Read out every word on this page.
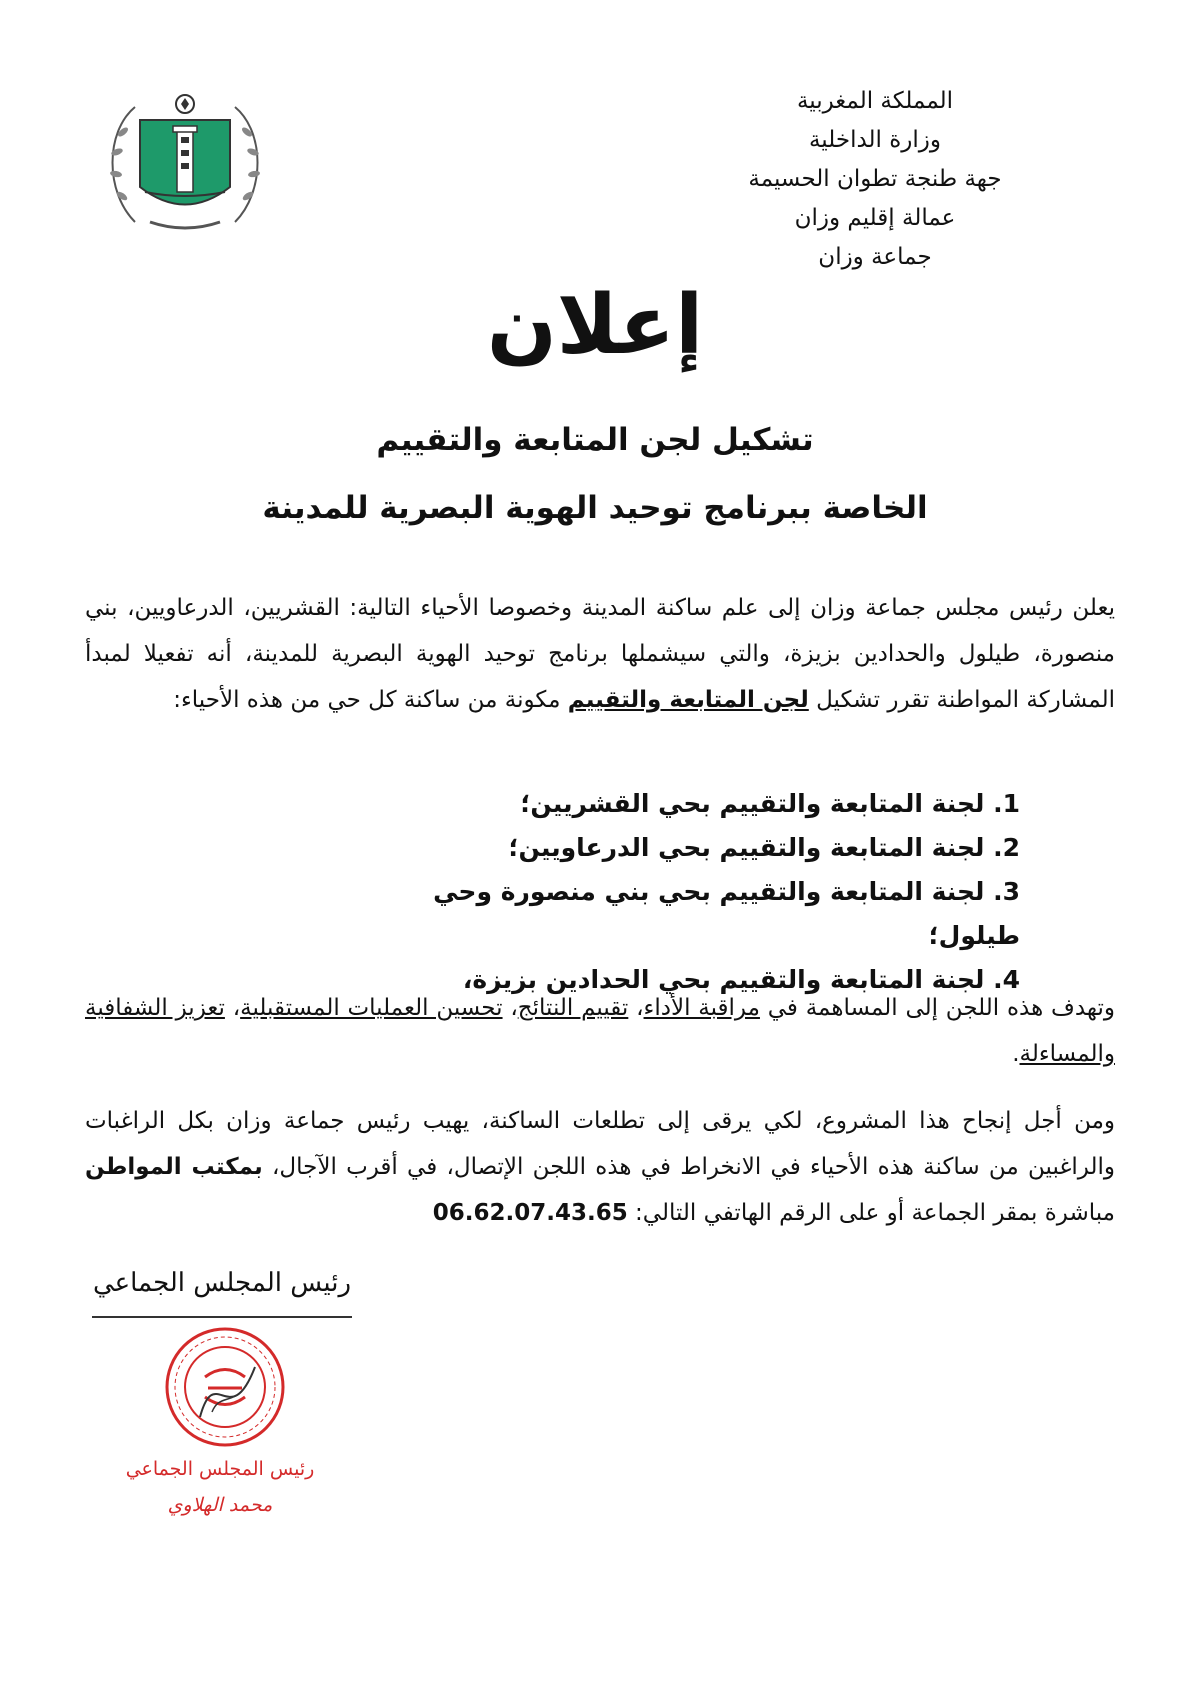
المملكة المغربية
وزارة الداخلية
جهة طنجة تطوان الحسيمة
عمالة إقليم وزان
جماعة وزان
إعلان
تشكيل لجن المتابعة والتقييم
الخاصة ببرنامج توحيد الهوية البصرية للمدينة

يعلن رئيس مجلس جماعة وزان إلى علم ساكنة المدينة وخصوصا الأحياء التالية: القشريين، الدرعاويين، بني منصورة، طيلول والحدادين بزيزة، والتي سيشملها برنامج توحيد الهوية البصرية للمدينة، أنه تفعيلا لمبدأ المشاركة المواطنة تقرر تشكيل لجن المتابعة والتقييم مكونة من ساكنة كل حي من هذه الأحياء:

1. لجنة المتابعة والتقييم بحي القشريين؛
2. لجنة المتابعة والتقييم بحي الدرعاويين؛
3. لجنة المتابعة والتقييم بحي بني منصورة وحي طيلول؛
4. لجنة المتابعة والتقييم بحي الحدادين بزيزة،

وتهدف هذه اللجن إلى المساهمة في مراقبة الأداء، تقييم النتائج، تحسين العمليات المستقبلية، تعزيز الشفافية والمساءلة.

ومن أجل إنجاح هذا المشروع، لكي يرقى إلى تطلعات الساكنة، يهيب رئيس جماعة وزان بكل الراغبات والراغبين من ساكنة هذه الأحياء في الانخراط في هذه اللجن الإتصال، في أقرب الآجال، بمكتب المواطن مباشرة بمقر الجماعة أو على الرقم الهاتفي التالي: 06.62.07.43.65

رئيس المجلس الجماعي
رئيس المجلس الجماعي
محمد الهلاوي
